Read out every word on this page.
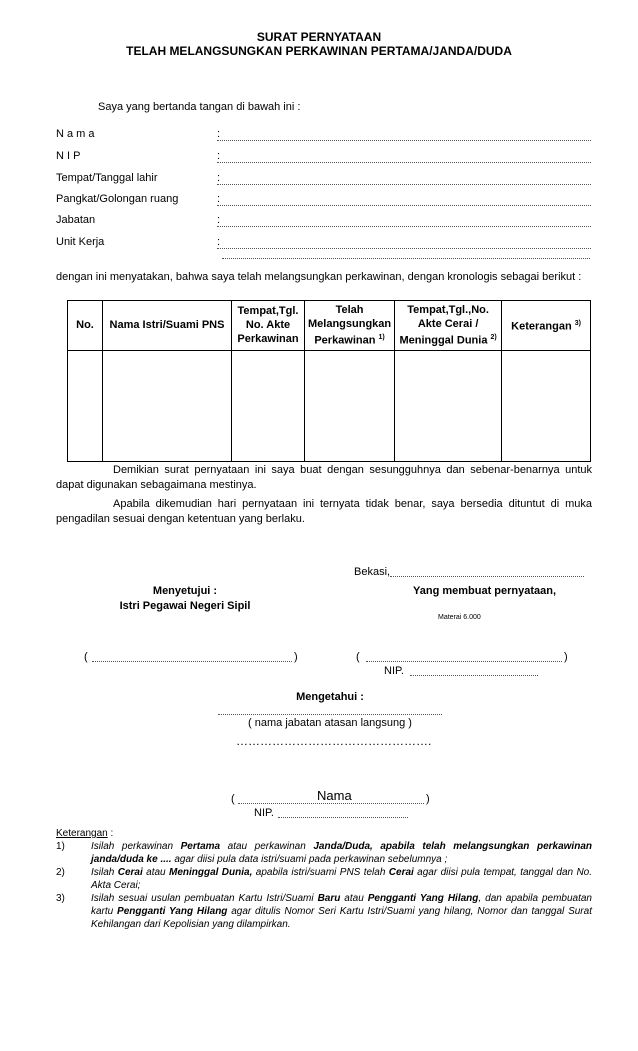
SURAT PERNYATAAN
TELAH MELANGSUNGKAN PERKAWINAN PERTAMA/JANDA/DUDA
Saya yang bertanda tangan di bawah ini :
N a m a	:
N I P	:
Tempat/Tanggal lahir	:
Pangkat/Golongan ruang	:
Jabatan	:
Unit Kerja	:
dengan ini menyatakan, bahwa saya telah melangsungkan perkawinan, dengan kronologis sebagai berikut :
No.	Nama Istri/Suami PNS	Tempat,Tgl. No. Akte Perkawinan	Telah Melangsungkan Perkawinan $^{1)}$	Tempat,Tgl.,No. Akte Cerai / Meninggal Dunia $^{2)}$	Keterangan $^{3)}$

Demikian surat pernyataan ini saya buat dengan sesungguhnya dan sebenar-benarnya untuk dapat digunakan sebagaimana mestinya.
Apabila dikemudian hari pernyataan ini ternyata tidak benar, saya bersedia dituntut di muka pengadilan sesuai dengan ketentuan yang berlaku.
Bekasi,
Menyetujui :
Istri Pegawai Negeri Sipil
Yang membuat pernyataan,
Materai 6.000
(	)	(	)
NIP.
Mengetahui :
( nama jabatan atasan langsung )
………………………………………….
(	Nama	)
NIP.
Keterangan :
1)	Isilah perkawinan Pertama atau perkawinan Janda/Duda, apabila telah melangsungkan perkawinan janda/duda ke .... agar diisi pula data istri/suami pada perkawinan sebelumnya ;
2)	Isilah Cerai atau Meninggal Dunia, apabila istri/suami PNS telah Cerai agar diisi pula tempat, tanggal dan No. Akta Cerai;
3)	Isilah sesuai usulan pembuatan Kartu Istri/Suami Baru atau Pengganti Yang Hilang, dan apabila pembuatan kartu Pengganti Yang Hilang agar ditulis Nomor Seri Kartu Istri/Suami yang hilang, Nomor dan tanggal Surat Kehilangan dari Kepolisian yang dilampirkan.
